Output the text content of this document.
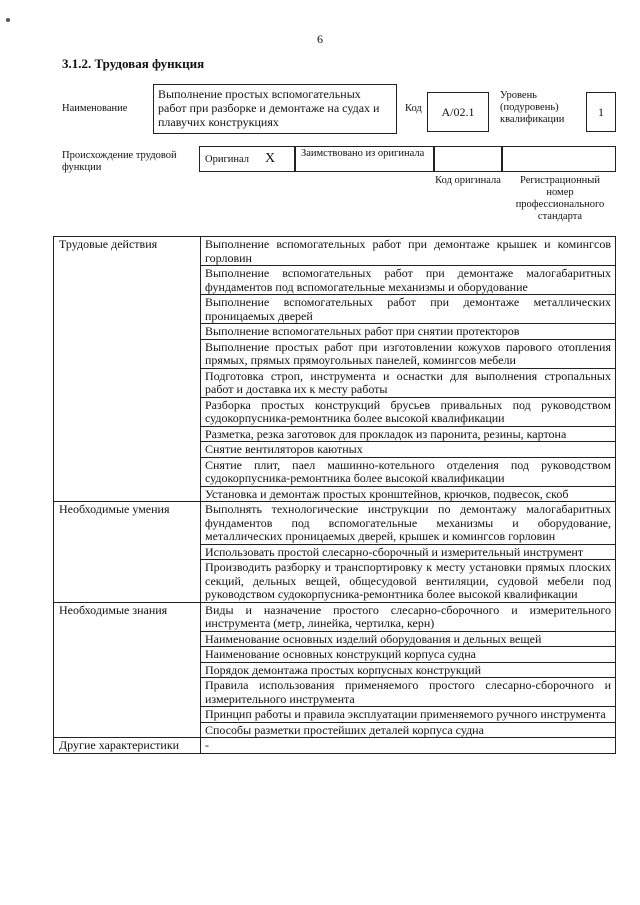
6
3.1.2. Трудовая функция
Наименование
Выполнение простых вспомогательных работ при разборке и демонтаже на судах и плавучих конструкциях
Код A/02.1
Уровень (подуровень) квалификации
1
Происхождение трудовой функции
Оригинал X	Заимствовано из оригинала
Код оригинала	Регистрационный номер профессионального стандарта
Трудовые действия	Выполнение вспомогательных работ при демонтаже крышек и комингсов горловин
	Выполнение вспомогательных работ при демонтаже малогабаритных фундаментов под вспомогательные механизмы и оборудование
	Выполнение вспомогательных работ при демонтаже металлических проницаемых дверей
	Выполнение вспомогательных работ при снятии протекторов
	Выполнение простых работ при изготовлении кожухов парового отопления прямых, прямых прямоугольных панелей, комингсов мебели
	Подготовка строп, инструмента и оснастки для выполнения стропальных работ и доставка их к месту работы
	Разборка простых конструкций брусьев привальных под руководством судокорпусника-ремонтника более высокой квалификации
	Разметка, резка заготовок для прокладок из паронита, резины, картона
	Снятие вентиляторов каютных
	Снятие плит, паел машинно-котельного отделения под руководством судокорпусника-ремонтника более высокой квалификации
	Установка и демонтаж простых кронштейнов, крючков, подвесок, скоб
Необходимые умения	Выполнять технологические инструкции по демонтажу малогабаритных фундаментов под вспомогательные механизмы и оборудование, металлических проницаемых дверей, крышек и комингсов горловин
	Использовать простой слесарно-сборочный и измерительный инструмент
	Производить разборку и транспортировку к месту установки прямых плоских секций, дельных вещей, общесудовой вентиляции, судовой мебели под руководством судокорпусника-ремонтника более высокой квалификации
Необходимые знания	Виды и назначение простого слесарно-сборочного и измерительного инструмента (метр, линейка, чертилка, керн)
	Наименование основных изделий оборудования и дельных вещей
	Наименование основных конструкций корпуса судна
	Порядок демонтажа простых корпусных конструкций
	Правила использования применяемого простого слесарно-сборочного и измерительного инструмента
	Принцип работы и правила эксплуатации применяемого ручного инструмента
	Способы разметки простейших деталей корпуса судна
Другие характеристики	-
